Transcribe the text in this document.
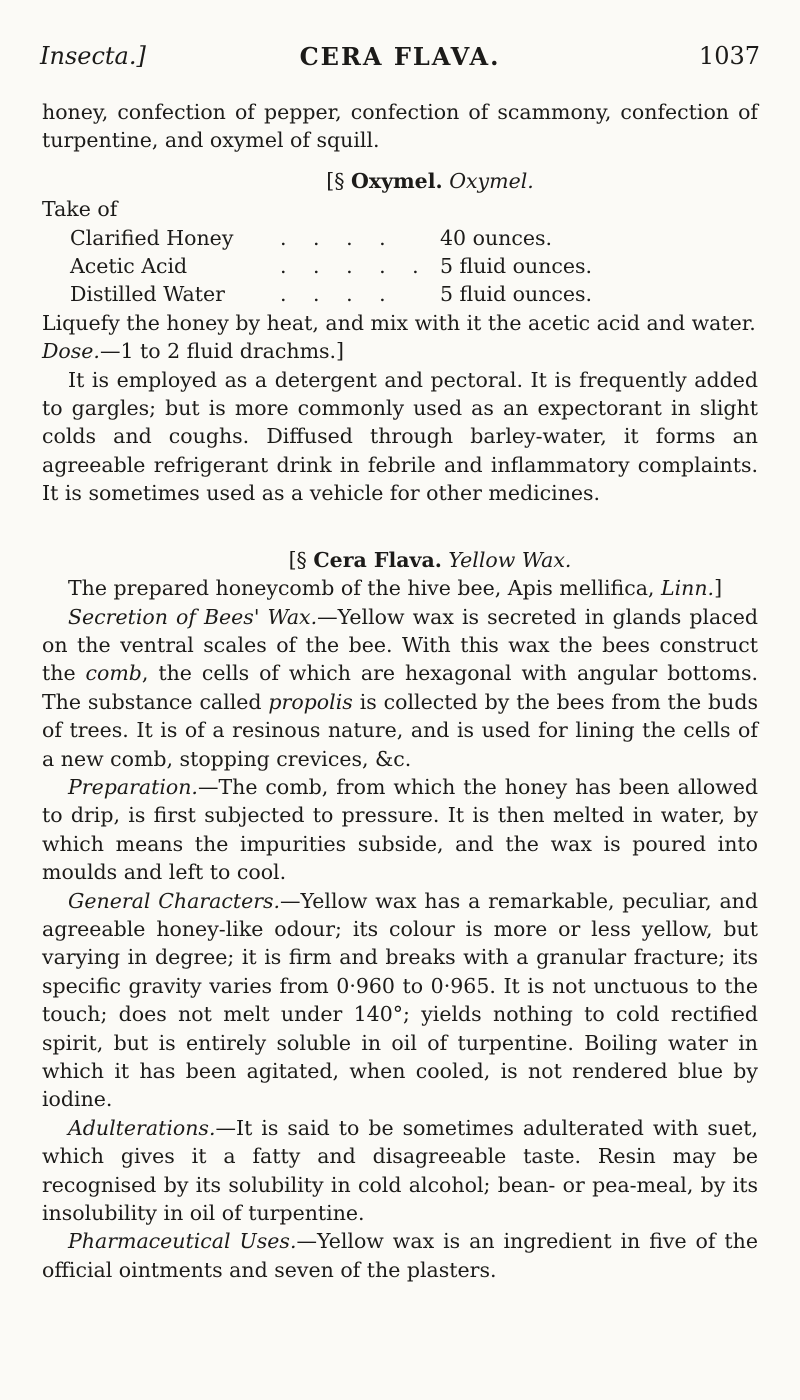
Insecta.]	CERA FLAVA.	1037

honey, confection of pepper, confection of scammony, confection of turpentine, and oxymel of squill.

[§ Oxymel. Oxymel.

Take of

Clarified Honey	. . . .	40 ounces.
Acetic Acid	. . . . . 5 fluid ounces.
Distilled Water	. . . .	5 fluid ounces.

Liquefy the honey by heat, and mix with it the acetic acid and water.

Dose.—1 to 2 fluid drachms.]

It is employed as a detergent and pectoral. It is frequently added to gargles; but is more commonly used as an expectorant in slight colds and coughs. Diffused through barley-water, it forms an agreeable refrigerant drink in febrile and inflammatory complaints. It is sometimes used as a vehicle for other medicines.

[§ Cera Flava. Yellow Wax.

The prepared honeycomb of the hive bee, Apis mellifica, Linn.]

Secretion of Bees' Wax.—Yellow wax is secreted in glands placed on the ventral scales of the bee. With this wax the bees construct the comb, the cells of which are hexagonal with angular bottoms. The substance called propolis is collected by the bees from the buds of trees. It is of a resinous nature, and is used for lining the cells of a new comb, stopping crevices, &c.

Preparation.—The comb, from which the honey has been allowed to drip, is first subjected to pressure. It is then melted in water, by which means the impurities subside, and the wax is poured into moulds and left to cool.

General Characters.—Yellow wax has a remarkable, peculiar, and agreeable honey-like odour; its colour is more or less yellow, but varying in degree; it is firm and breaks with a granular fracture; its specific gravity varies from 0·960 to 0·965. It is not unctuous to the touch; does not melt under 140°; yields nothing to cold rectified spirit, but is entirely soluble in oil of turpentine. Boiling water in which it has been agitated, when cooled, is not rendered blue by iodine.

Adulterations.—It is said to be sometimes adulterated with suet, which gives it a fatty and disagreeable taste. Resin may be recognised by its solubility in cold alcohol; bean- or pea-meal, by its insolubility in oil of turpentine.

Pharmaceutical Uses.—Yellow wax is an ingredient in five of the official ointments and seven of the plasters.
